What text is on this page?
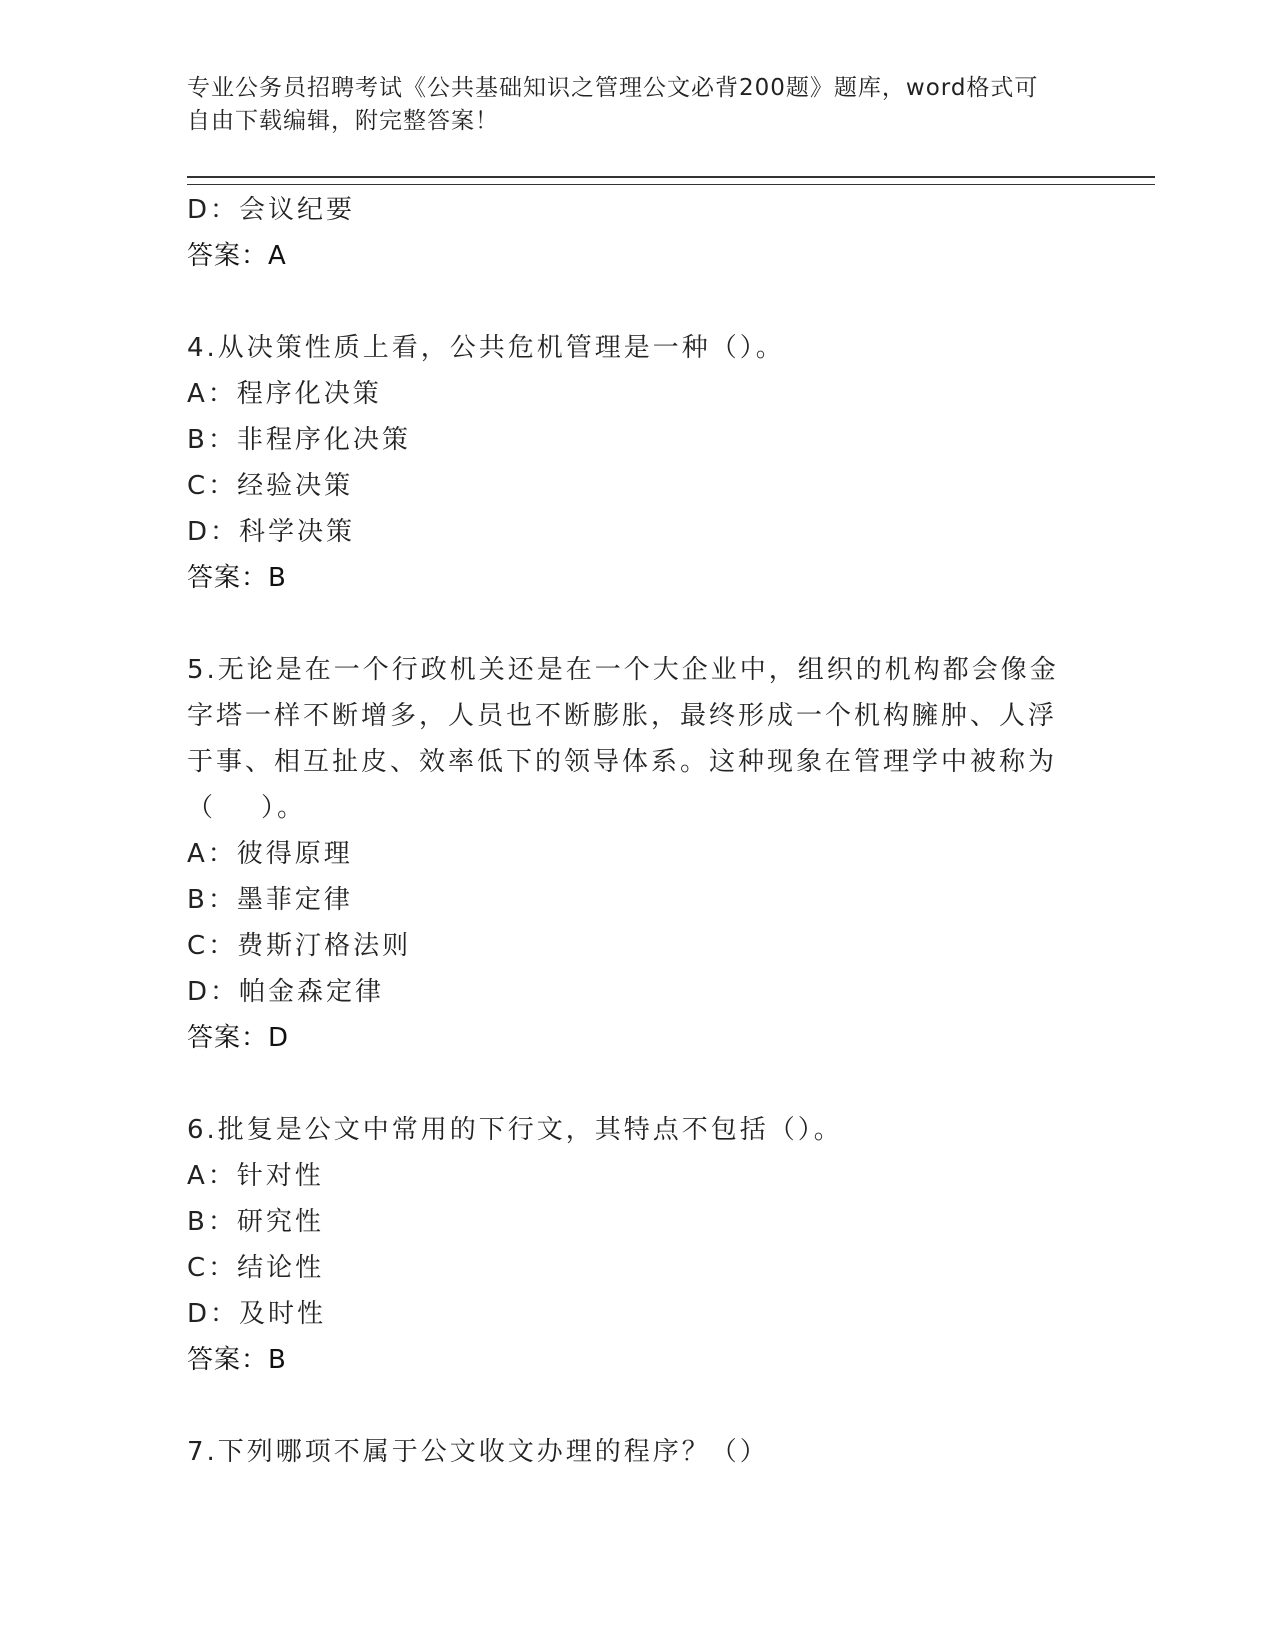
专业公务员招聘考试《公共基础知识之管理公文必背200题》题库，word格式可

自由下载编辑，附完整答案！

D：会议纪要

答案：A

4.从决策性质上看，公共危机管理是一种（）。

A：程序化决策

B：非程序化决策

C：经验决策

D：科学决策

答案：B

5.无论是在一个行政机关还是在一个大企业中，组织的机构都会像金
字塔一样不断增多，人员也不断膨胀，最终形成一个机构臃肿、人浮
于事、相互扯皮、效率低下的领导体系。这种现象在管理学中被称为
（    ）。

A：彼得原理

B：墨菲定律

C：费斯汀格法则

D：帕金森定律

答案：D

6.批复是公文中常用的下行文，其特点不包括（）。

A：针对性

B：研究性

C：结论性

D：及时性

答案：B

7.下列哪项不属于公文收文办理的程序？（）
